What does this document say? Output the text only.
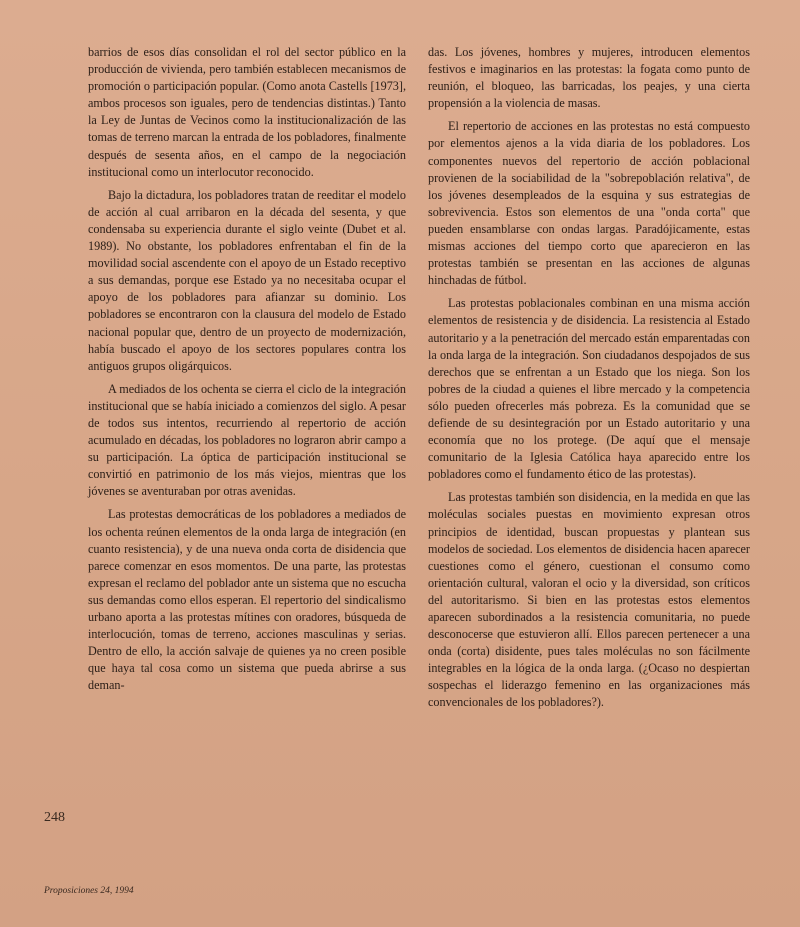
barrios de esos días consolidan el rol del sector público en la producción de vivienda, pero también establecen mecanismos de promoción o participación popular. (Como anota Castells [1973], ambos procesos son iguales, pero de tendencias distintas.) Tanto la Ley de Juntas de Vecinos como la institucionalización de las tomas de terreno marcan la entrada de los pobladores, finalmente después de sesenta años, en el campo de la negociación institucional como un interlocutor reconocido.

Bajo la dictadura, los pobladores tratan de reeditar el modelo de acción al cual arribaron en la década del sesenta, y que condensaba su experiencia durante el siglo veinte (Dubet et al. 1989). No obstante, los pobladores enfrentaban el fin de la movilidad social ascendente con el apoyo de un Estado receptivo a sus demandas, porque ese Estado ya no necesitaba ocupar el apoyo de los pobladores para afianzar su dominio. Los pobladores se encontraron con la clausura del modelo de Estado nacional popular que, dentro de un proyecto de modernización, había buscado el apoyo de los sectores populares contra los antiguos grupos oligárquicos.

A mediados de los ochenta se cierra el ciclo de la integración institucional que se había iniciado a comienzos del siglo. A pesar de todos sus intentos, recurriendo al repertorio de acción acumulado en décadas, los pobladores no lograron abrir campo a su participación. La óptica de participación institucional se convirtió en patrimonio de los más viejos, mientras que los jóvenes se aventuraban por otras avenidas.

Las protestas democráticas de los pobladores a mediados de los ochenta reúnen elementos de la onda larga de integración (en cuanto resistencia), y de una nueva onda corta de disidencia que parece comenzar en esos momentos. De una parte, las protestas expresan el reclamo del poblador ante un sistema que no escucha sus demandas como ellos esperan. El repertorio del sindicalismo urbano aporta a las protestas mítines con oradores, búsqueda de interlocución, tomas de terreno, acciones masculinas y serias. Dentro de ello, la acción salvaje de quienes ya no creen posible que haya tal cosa como un sistema que pueda abrirse a sus deman-

das. Los jóvenes, hombres y mujeres, introducen elementos festivos e imaginarios en las protestas: la fogata como punto de reunión, el bloqueo, las barricadas, los peajes, y una cierta propensión a la violencia de masas.

El repertorio de acciones en las protestas no está compuesto por elementos ajenos a la vida diaria de los pobladores. Los componentes nuevos del repertorio de acción poblacional provienen de la sociabilidad de la "sobrepoblación relativa", de los jóvenes desempleados de la esquina y sus estrategias de sobrevivencia. Estos son elementos de una "onda corta" que pueden ensamblarse con ondas largas. Paradójicamente, estas mismas acciones del tiempo corto que aparecieron en las protestas también se presentan en las acciones de algunas hinchadas de fútbol.

Las protestas poblacionales combinan en una misma acción elementos de resistencia y de disidencia. La resistencia al Estado autoritario y a la penetración del mercado están emparentadas con la onda larga de la integración. Son ciudadanos despojados de sus derechos que se enfrentan a un Estado que los niega. Son los pobres de la ciudad a quienes el libre mercado y la competencia sólo pueden ofrecerles más pobreza. Es la comunidad que se defiende de su desintegración por un Estado autoritario y una economía que no los protege. (De aquí que el mensaje comunitario de la Iglesia Católica haya aparecido entre los pobladores como el fundamento ético de las protestas).

Las protestas también son disidencia, en la medida en que las moléculas sociales puestas en movimiento expresan otros principios de identidad, buscan propuestas y plantean sus modelos de sociedad. Los elementos de disidencia hacen aparecer cuestiones como el género, cuestionan el consumo como orientación cultural, valoran el ocio y la diversidad, son críticos del autoritarismo. Si bien en las protestas estos elementos aparecen subordinados a la resistencia comunitaria, no puede desconocerse que estuvieron allí. Ellos parecen pertenecer a una onda (corta) disidente, pues tales moléculas no son fácilmente integrables en la lógica de la onda larga. (¿Ocaso no despiertan sospechas el liderazgo femenino en las organizaciones más convencionales de los pobladores?).

248
Proposiciones 24, 1994
